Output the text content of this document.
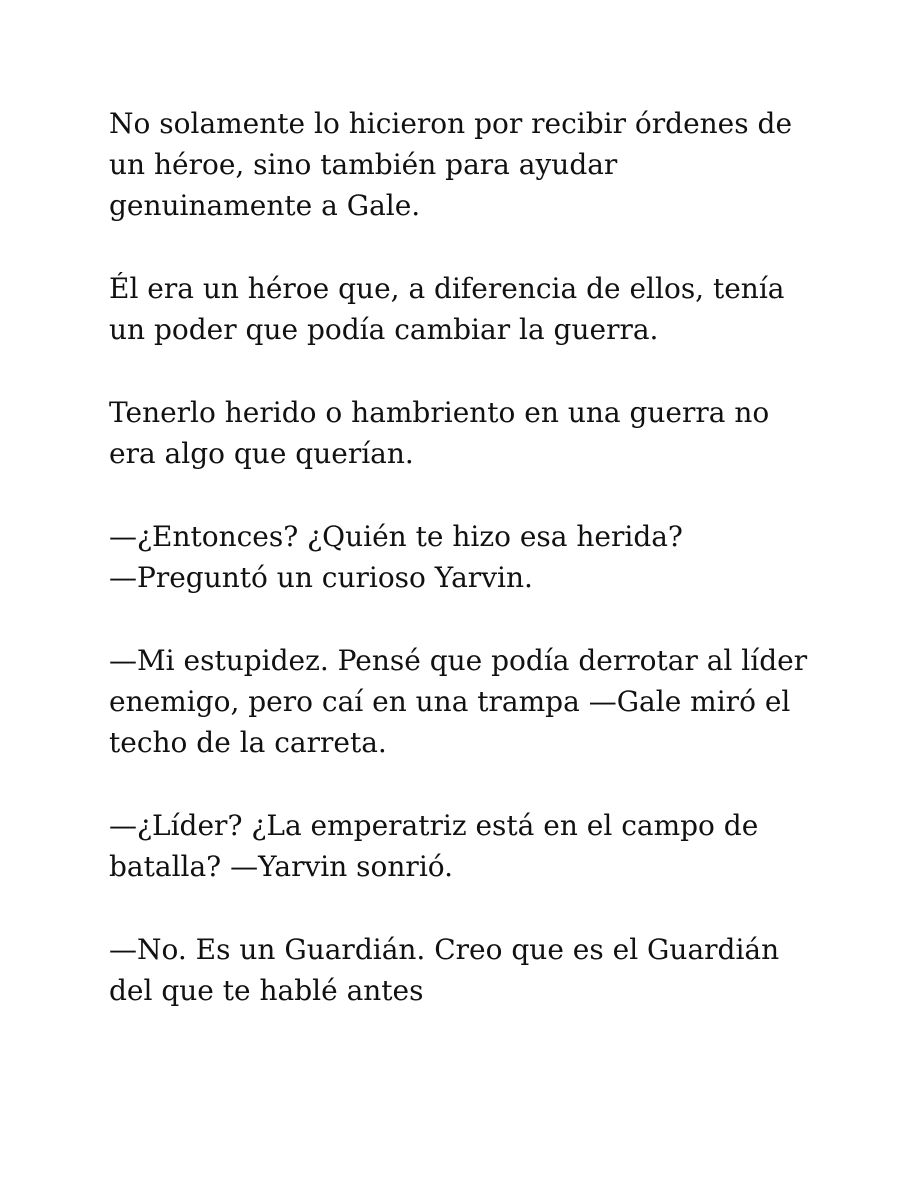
No solamente lo hicieron por recibir órdenes de
un héroe, sino también para ayudar
genuinamente a Gale.

Él era un héroe que, a diferencia de ellos, tenía
un poder que podía cambiar la guerra.

Tenerlo herido o hambriento en una guerra no
era algo que querían.

—¿Entonces? ¿Quién te hizo esa herida?
—Preguntó un curioso Yarvin.

—Mi estupidez. Pensé que podía derrotar al líder
enemigo, pero caí en una trampa —Gale miró el
techo de la carreta.

—¿Líder? ¿La emperatriz está en el campo de
batalla? —Yarvin sonrió.

—No. Es un Guardián. Creo que es el Guardián
del que te hablé antes
